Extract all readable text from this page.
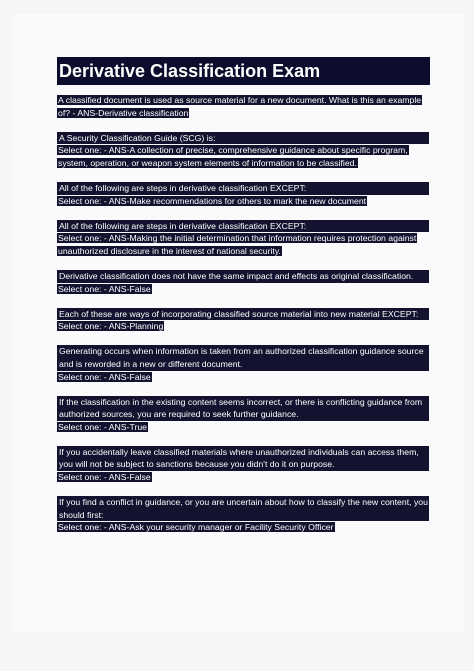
Derivative Classification Exam
A classified document is used as source material for a new document. What is this an example of? - ANS-Derivative classification
A Security Classification Guide (SCG) is:
Select one: - ANS-A collection of precise, comprehensive guidance about specific program, system, operation, or weapon system elements of information to be classified.
All of the following are steps in derivative classification EXCEPT:
Select one: - ANS-Make recommendations for others to mark the new document
All of the following are steps in derivative classification EXCEPT:
Select one: - ANS-Making the initial determination that information requires protection against unauthorized disclosure in the interest of national security.
Derivative classification does not have the same impact and effects as original classification.
Select one: - ANS-False
Each of these are ways of incorporating classified source material into new material EXCEPT:
Select one: - ANS-Planning
Generating occurs when information is taken from an authorized classification guidance source and is reworded in a new or different document.
Select one: - ANS-False
If the classification in the existing content seems incorrect, or there is conflicting guidance from authorized sources, you are required to seek further guidance.
Select one: - ANS-True
If you accidentally leave classified materials where unauthorized individuals can access them, you will not be subject to sanctions because you didn't do it on purpose.
Select one: - ANS-False
If you find a conflict in guidance, or you are uncertain about how to classify the new content, you should first:
Select one: - ANS-Ask your security manager or Facility Security Officer
